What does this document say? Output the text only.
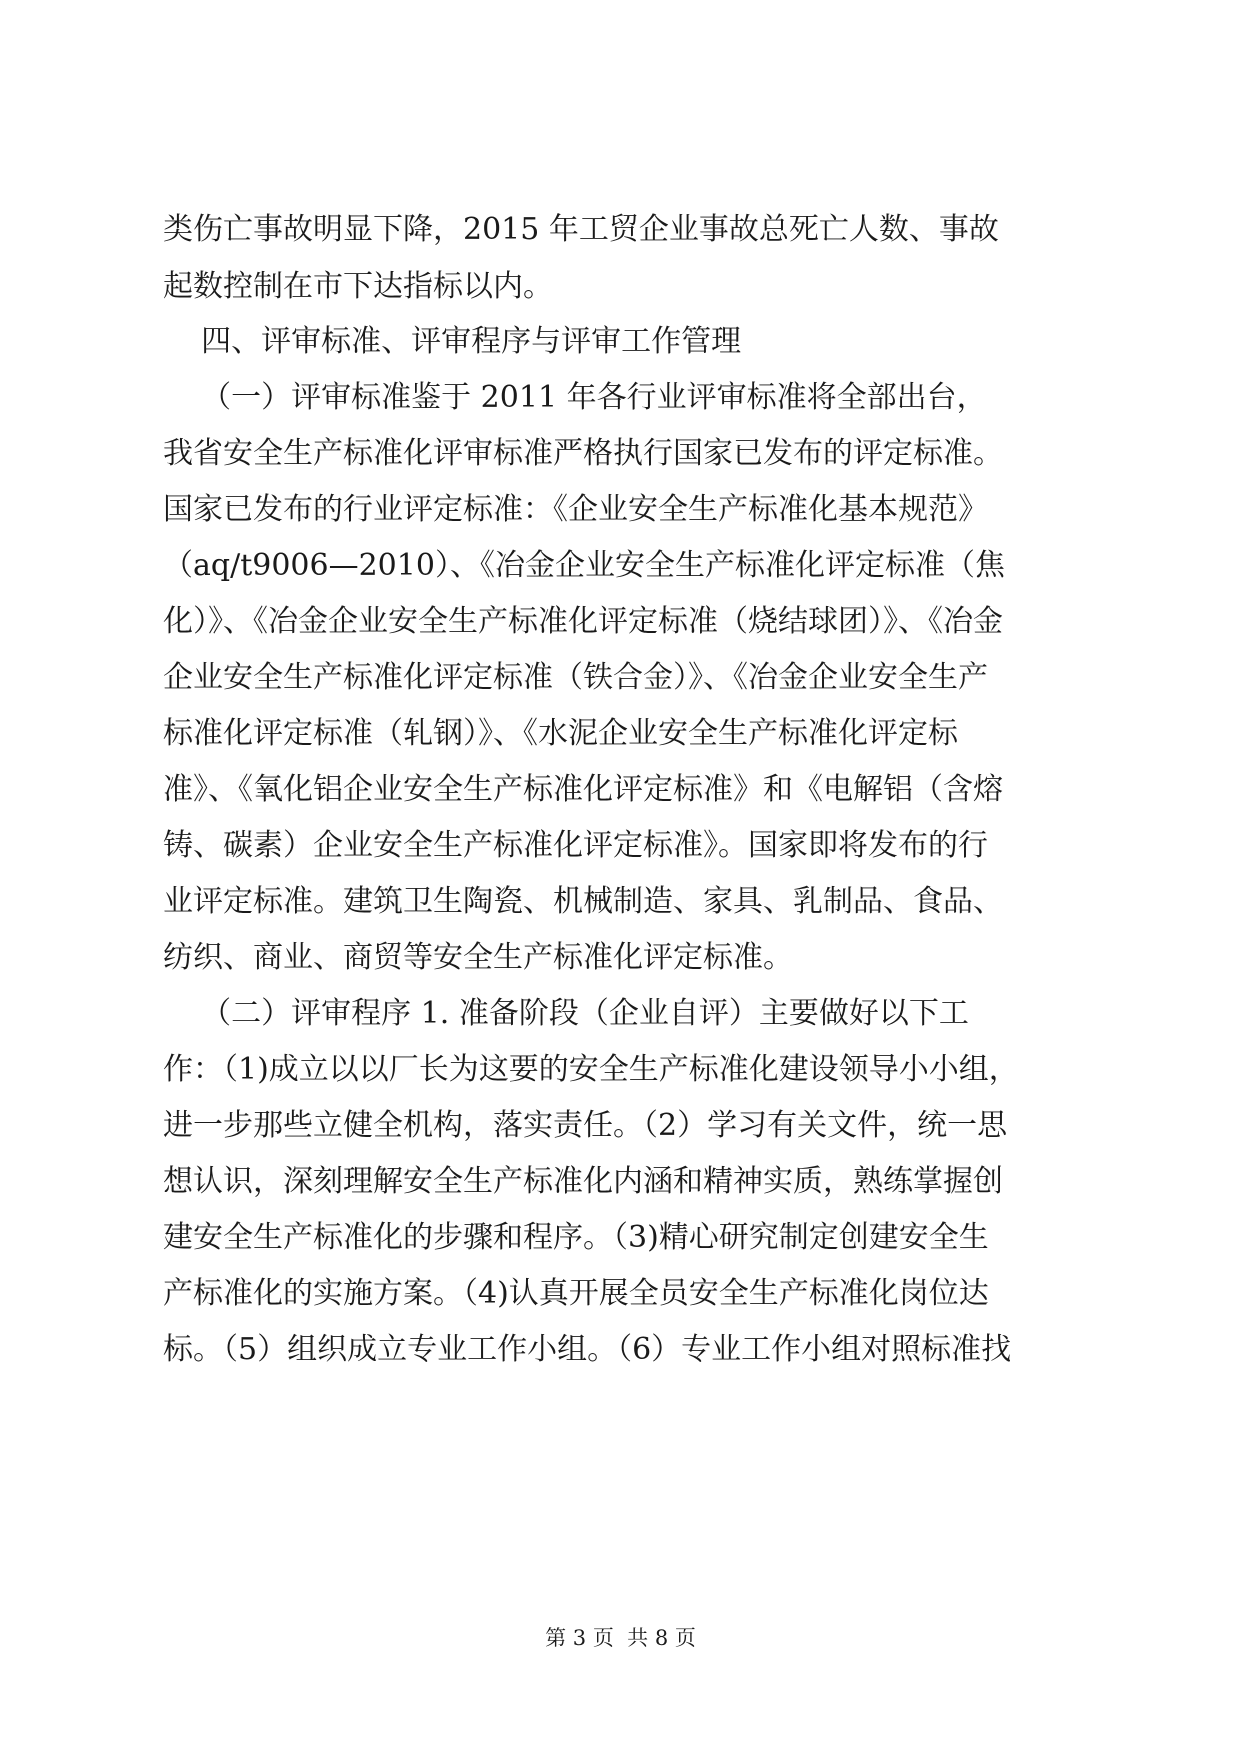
类伤亡事故明显下降，2015 年工贸企业事故总死亡人数、事故
起数控制在市下达指标以内。
四、评审标准、评审程序与评审工作管理
（一）评审标准鉴于 2011 年各行业评审标准将全部出台，
我省安全生产标准化评审标准严格执行国家已发布的评定标准。
国家已发布的行业评定标准：《企业安全生产标准化基本规范》
（aq/t9006—2010）、《冶金企业安全生产标准化评定标准（焦
化）》、《冶金企业安全生产标准化评定标准（烧结球团）》、《冶金
企业安全生产标准化评定标准（铁合金）》、《冶金企业安全生产
标准化评定标准（轧钢）》、《水泥企业安全生产标准化评定标
准》、《氧化铝企业安全生产标准化评定标准》和《电解铝（含熔
铸、碳素）企业安全生产标准化评定标准》。国家即将发布的行
业评定标准。建筑卫生陶瓷、机械制造、家具、乳制品、食品、
纺织、商业、商贸等安全生产标准化评定标准。
（二）评审程序 1. 准备阶段（企业自评）主要做好以下工
作：（1)成立以以厂长为这要的安全生产标准化建设领导小小组，
进一步那些立健全机构，落实责任。（2）学习有关文件，统一思
想认识，深刻理解安全生产标准化内涵和精神实质，熟练掌握创
建安全生产标准化的步骤和程序。（3)精心研究制定创建安全生
产标准化的实施方案。（4)认真开展全员安全生产标准化岗位达
标。（5）组织成立专业工作小组。（6）专业工作小组对照标准找
第 3 页  共 8 页
